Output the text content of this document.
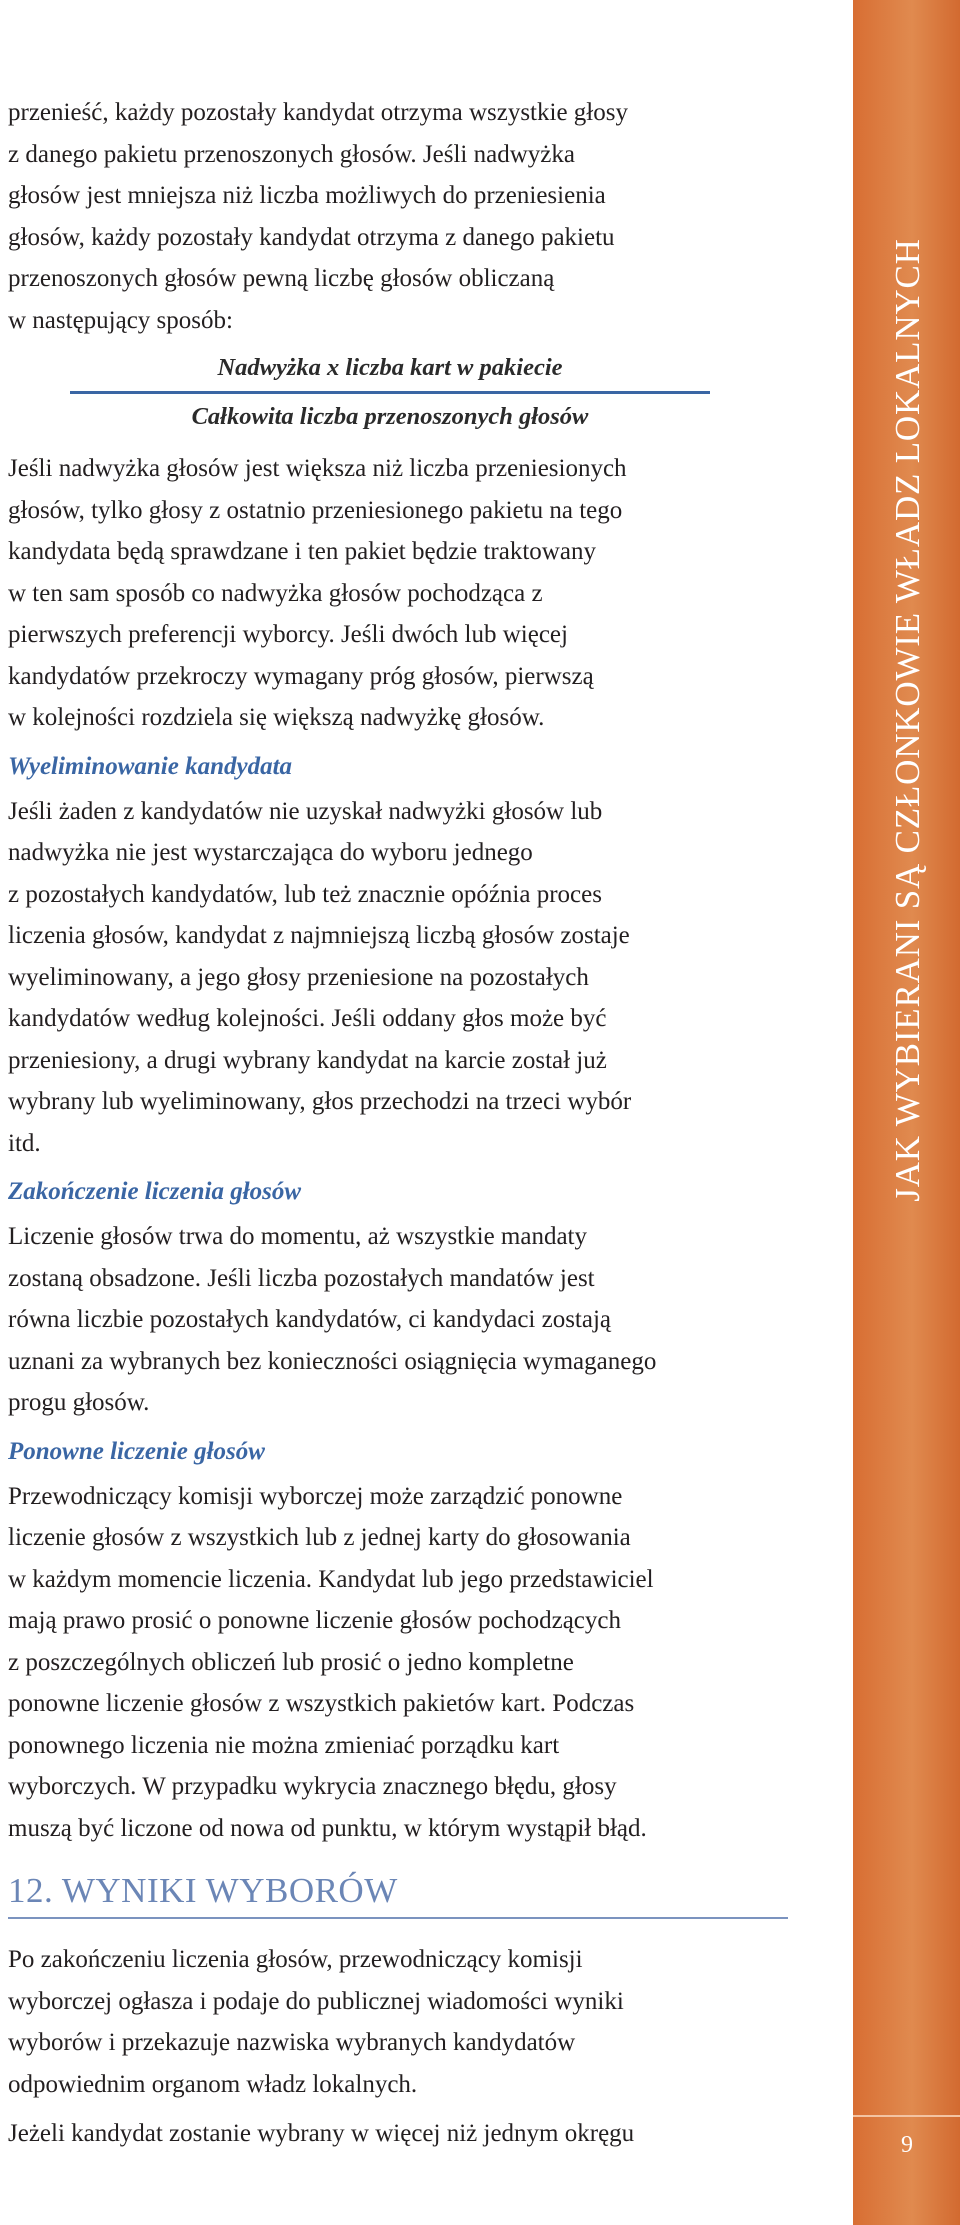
przenieść, każdy pozostały kandydat otrzyma wszystkie głosy
z danego pakietu przenoszonych głosów. Jeśli nadwyżka
głosów jest mniejsza niż liczba możliwych do przeniesienia
głosów, każdy pozostały kandydat otrzyma z danego pakietu
przenoszonych głosów pewną liczbę głosów obliczaną
w następujący sposób:

Nadwyżka x liczba kart w pakiecie
Całkowita liczba przenoszonych głosów

Jeśli nadwyżka głosów jest większa niż liczba przeniesionych
głosów, tylko głosy z ostatnio przeniesionego pakietu na tego
kandydata będą sprawdzane i ten pakiet będzie traktowany
w ten sam sposób co nadwyżka głosów pochodząca z
pierwszych preferencji wyborcy. Jeśli dwóch lub więcej
kandydatów przekroczy wymagany próg głosów, pierwszą
w kolejności rozdziela się większą nadwyżkę głosów.

Wyeliminowanie kandydata

Jeśli żaden z kandydatów nie uzyskał nadwyżki głosów lub
nadwyżka nie jest wystarczająca do wyboru jednego
z pozostałych kandydatów, lub też znacznie opóźnia proces
liczenia głosów, kandydat z najmniejszą liczbą głosów zostaje
wyeliminowany, a jego głosy przeniesione na pozostałych
kandydatów według kolejności. Jeśli oddany głos może być
przeniesiony, a drugi wybrany kandydat na karcie został już
wybrany lub wyeliminowany, głos przechodzi na trzeci wybór
itd.

Zakończenie liczenia głosów

Liczenie głosów trwa do momentu, aż wszystkie mandaty
zostaną obsadzone. Jeśli liczba pozostałych mandatów jest
równa liczbie pozostałych kandydatów, ci kandydaci zostają
uznani za wybranych bez konieczności osiągnięcia wymaganego
progu głosów.

Ponowne liczenie głosów

Przewodniczący komisji wyborczej może zarządzić ponowne
liczenie głosów z wszystkich lub z jednej karty do głosowania
w każdym momencie liczenia. Kandydat lub jego przedstawiciel
mają prawo prosić o ponowne liczenie głosów pochodzących
z poszczególnych obliczeń lub prosić o jedno kompletne
ponowne liczenie głosów z wszystkich pakietów kart. Podczas
ponownego liczenia nie można zmieniać porządku kart
wyborczych. W przypadku wykrycia znacznego błędu, głosy
muszą być liczone od nowa od punktu, w którym wystąpił błąd.

12. WYNIKI WYBORÓW

Po zakończeniu liczenia głosów, przewodniczący komisji
wyborczej ogłasza i podaje do publicznej wiadomości wyniki
wyborów i przekazuje nazwiska wybranych kandydatów
odpowiednim organom władz lokalnych.

Jeżeli kandydat zostanie wybrany w więcej niż jednym okręgu

JAK WYBIERANI SĄ CZŁONKOWIE WŁADZ LOKALNYCH
9
